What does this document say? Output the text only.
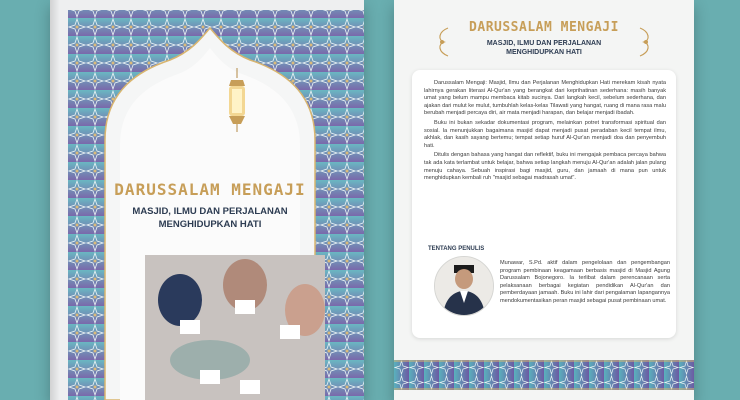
DARUSSALAM MENGAJI
MASJID, ILMU DAN PERJALANAN
MENGHIDUPKAN HATI
DARUSSALAM MENGAJI
MASJID, ILMU DAN PERJALANAN
MENGHIDUPKAN HATI

Darussalam Mengaji: Masjid, Ilmu dan Perjalanan Menghidupkan Hati merekam kisah nyata lahirnya gerakan literasi Al-Qur'an yang berangkat dari keprihatinan sederhana: masih banyak umat yang belum mampu membaca kitab sucinya. Dari langkah kecil, sebelum sederhana, dan ajakan dari mulut ke mulut, tumbuhlah kelas-kelas Tilawati yang hangat, ruang di mana rasa malu berubah menjadi percaya diri, air mata menjadi harapan, dan belajar menjadi ibadah.

Buku ini bukan sekadar dokumentasi program, melainkan potret transformasi spiritual dan sosial. Ia menunjukkan bagaimana masjid dapat menjadi pusat peradaban kecil tempat ilmu, akhlak, dan kasih sayang bertemu; tempat setiap huruf Al-Qur'an menjadi doa dan penyembuh hati.

Ditulis dengan bahasa yang hangat dan reflektif, buku ini mengajak pembaca percaya bahwa tak ada kata terlambat untuk belajar, bahwa setiap langkah menuju Al-Qur'an adalah jalan pulang menuju cahaya. Sebuah inspirasi bagi masjid, guru, dan jamaah di mana pun untuk menghidupkan kembali ruh "masjid sebagai madrasah umat".

TENTANG PENULIS
Munawar, S.Pd. aktif dalam pengelolaan dan pengembangan program pembinaan keagamaan berbasis masjid di Masjid Agung Darussalam Bojonegoro. Ia terlibat dalam perencanaan serta pelaksanaan berbagai kegiatan pendidikan Al-Qur'an dan pemberdayaan jamaah. Buku ini lahir dari pengalaman lapangannya mendokumentasikan peran masjid sebagai pusat pembinaan umat.
